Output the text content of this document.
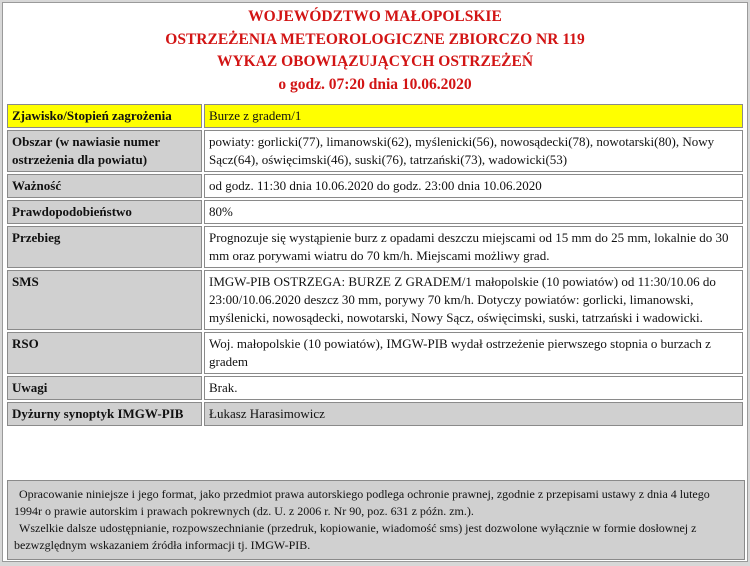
WOJEWÓDZTWO MAŁOPOLSKIE
OSTRZEŻENIA METEOROLOGICZNE ZBIORCZO NR 119
WYKAZ OBOWIĄZUJĄCYCH OSTRZEŻEŃ
o godz. 07:20 dnia 10.06.2020
Zjawisko/Stopień zagrożenia	Burze z gradem/1
Obszar (w nawiasie numer ostrzeżenia dla powiatu)	powiaty: gorlicki(77), limanowski(62), myślenicki(56), nowosądecki(78), nowotarski(80), Nowy Sącz(64), oświęcimski(46), suski(76), tatrzański(73), wadowicki(53)
Ważność	od godz. 11:30 dnia 10.06.2020 do godz. 23:00 dnia 10.06.2020
Prawdopodobieństwo	80%
Przebieg	Prognozuje się wystąpienie burz z opadami deszczu miejscami od 15 mm do 25 mm, lokalnie do 30 mm oraz porywami wiatru do 70 km/h. Miejscami możliwy grad.
SMS	IMGW-PIB OSTRZEGA: BURZE Z GRADEM/1 małopolskie (10 powiatów) od 11:30/10.06 do 23:00/10.06.2020 deszcz 30 mm, porywy 70 km/h. Dotyczy powiatów: gorlicki, limanowski, myślenicki, nowosądecki, nowotarski, Nowy Sącz, oświęcimski, suski, tatrzański i wadowicki.
RSO	Woj. małopolskie (10 powiatów), IMGW-PIB wydał ostrzeżenie pierwszego stopnia o burzach z gradem
Uwagi	Brak.
Dyżurny synoptyk IMGW-PIB	Łukasz Harasimowicz

Opracowanie niniejsze i jego format, jako przedmiot prawa autorskiego podlega ochronie prawnej, zgodnie z przepisami ustawy z dnia 4 lutego 1994r o prawie autorskim i prawach pokrewnych (dz. U. z 2006 r. Nr 90, poz. 631 z późn. zm.).

Wszelkie dalsze udostępnianie, rozpowszechnianie (przedruk, kopiowanie, wiadomość sms) jest dozwolone wyłącznie w formie dosłownej z bezwzględnym wskazaniem źródła informacji tj. IMGW-PIB.
